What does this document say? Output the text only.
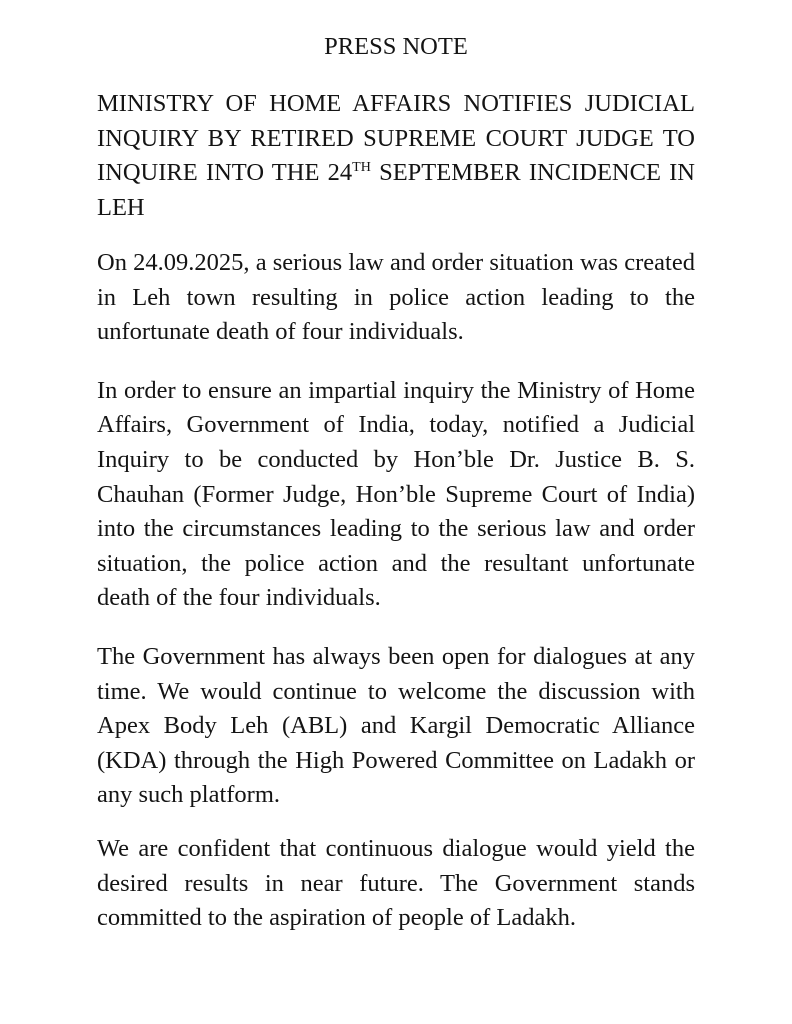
PRESS NOTE
MINISTRY OF HOME AFFAIRS NOTIFIES JUDICIAL INQUIRY BY RETIRED SUPREME COURT JUDGE TO INQUIRE INTO THE 24TH SEPTEMBER INCIDENCE IN LEH

On 24.09.2025, a serious law and order situation was created in Leh town resulting in police action leading to the unfortunate death of four individuals.

In order to ensure an impartial inquiry the Ministry of Home Affairs, Government of India, today, notified a Judicial Inquiry to be conducted by Hon’ble Dr. Justice B. S. Chauhan (Former Judge, Hon’ble Supreme Court of India) into the circumstances leading to the serious law and order situation, the police action and the resultant unfortunate death of the four individuals.

The Government has always been open for dialogues at any time. We would continue to welcome the discussion with Apex Body Leh (ABL) and Kargil Democratic Alliance (KDA) through the High Powered Committee on Ladakh or any such platform.

We are confident that continuous dialogue would yield the desired results in near future. The Government stands committed to the aspiration of people of Ladakh.
